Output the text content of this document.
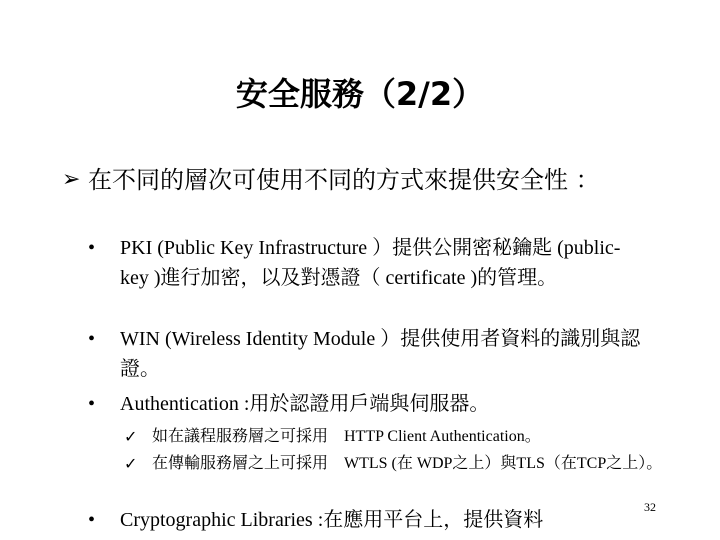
安全服務（2/2）
➢ 在不同的層次可使用不同的方式來提供安全性 ：
• PKI (Public Key Infrastructure ）提供公開密秘鑰匙 (public-key )進行加密，以及對憑證（ certificate )的管理。
• WIN (Wireless Identity Module ）提供使用者資料的識別與認證。
• Authentication :用於認證用戶端與伺服器。
✓ 如在議程服務層之可採用　HTTP Client Authentication。
✓ 在傳輸服務層之上可採用　WTLS (在 WDP之上）與TLS（在TCP之上）。
• Cryptographic Libraries :在應用平台上，提供資料
32
